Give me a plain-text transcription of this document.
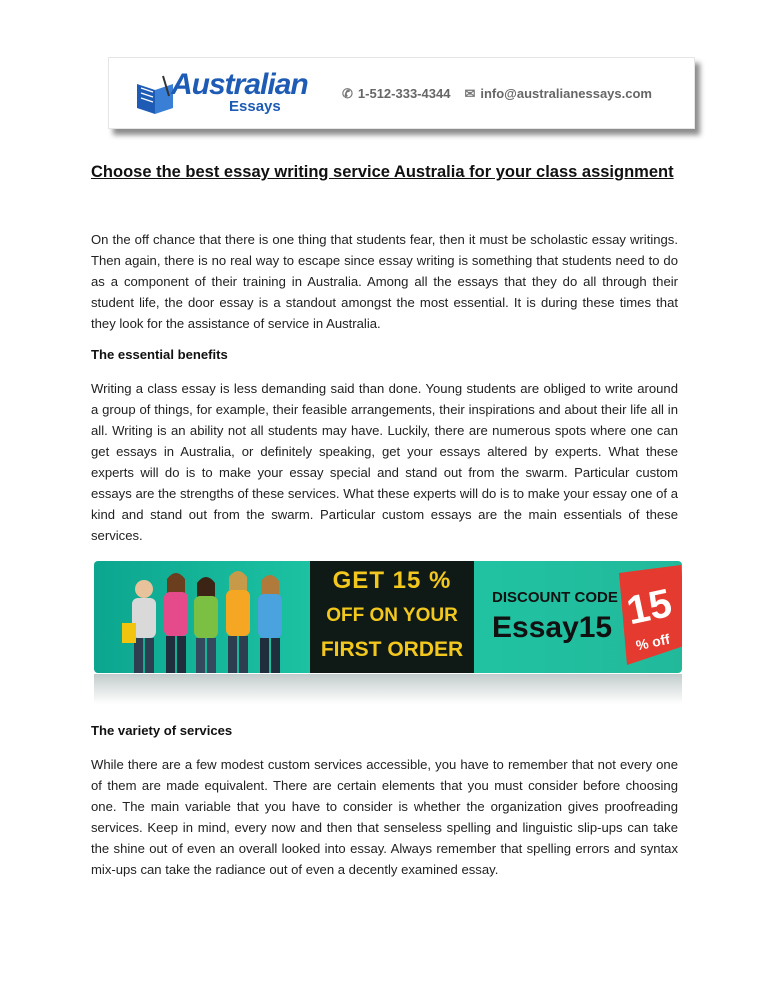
Australian
Essays
✆ 1-512-333-4344 ✉ info@australianessays.com
Choose the best essay writing service Australia for your class assignment

On the off chance that there is one thing that students fear, then it must be scholastic essay writings. Then again, there is no real way to escape since essay writing is something that students need to do as a component of their training in Australia. Among all the essays that they do all through their student life, the door essay is a standout amongst the most essential. It is during these times that they look for the assistance of service in Australia.

The essential benefits

Writing a class essay is less demanding said than done. Young students are obliged to write around a group of things, for example, their feasible arrangements, their inspirations and about their life all in all. Writing is an ability not all students may have. Luckily, there are numerous spots where one can get essays in Australia, or definitely speaking, get your essays altered by experts. What these experts will do is to make your essay special and stand out from the swarm. Particular custom essays are the strengths of these services. What these experts will do is to make your essay one of a kind and stand out from the swarm. Particular custom essays are the main essentials of these services.

GET 15 %
OFF ON YOUR
FIRST ORDER
DISCOUNT CODE
Essay15 15
% off
The variety of services

While there are a few modest custom services accessible, you have to remember that not every one of them are made equivalent. There are certain elements that you must consider before choosing one. The main variable that you have to consider is whether the organization gives proofreading services. Keep in mind, every now and then that senseless spelling and linguistic slip-ups can take the shine out of even an overall looked into essay. Always remember that spelling errors and syntax mix-ups can take the radiance out of even a decently examined essay.
